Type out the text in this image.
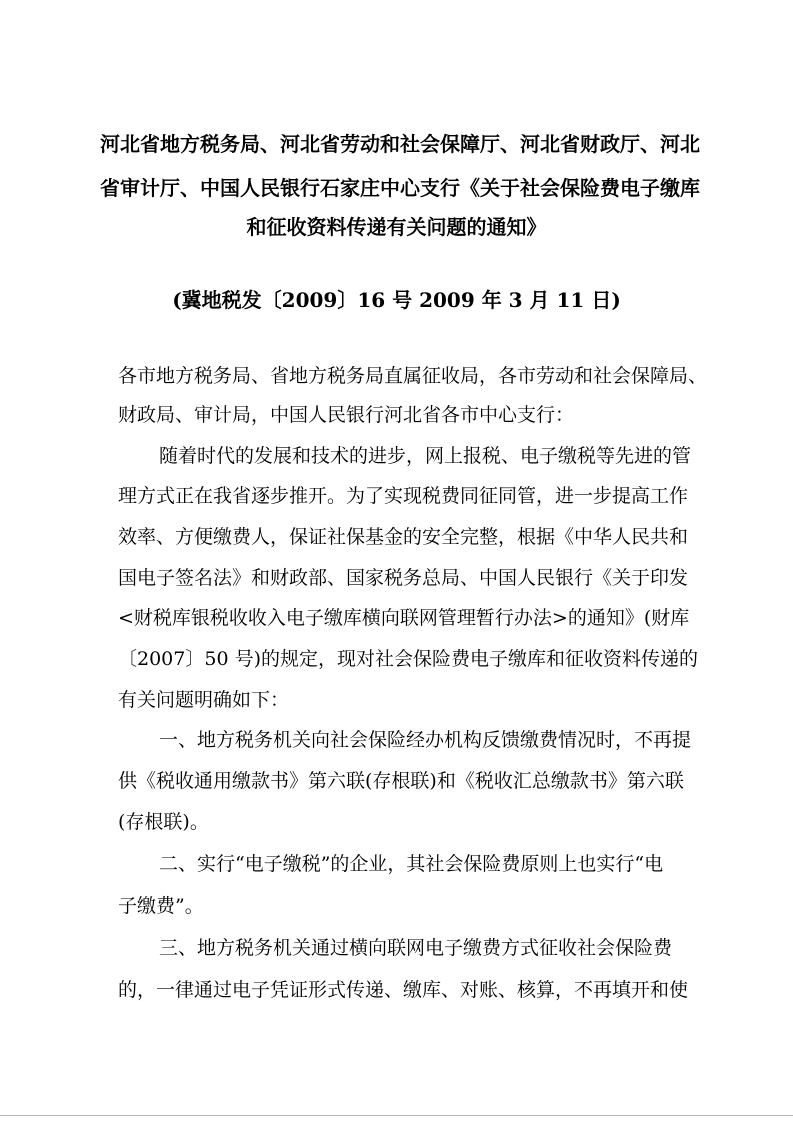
河北省地方税务局、河北省劳动和社会保障厅、河北省财政厅、河北
省审计厅、中国人民银行石家庄中心支行《关于社会保险费电子缴库
和征收资料传递有关问题的通知》
(冀地税发〔2009〕16 号 2009 年 3 月 11 日)
各市地方税务局、省地方税务局直属征收局，各市劳动和社会保障局、
财政局、审计局，中国人民银行河北省各市中心支行：
随着时代的发展和技术的进步，网上报税、电子缴税等先进的管
理方式正在我省逐步推开。为了实现税费同征同管，进一步提高工作
效率、方便缴费人，保证社保基金的安全完整，根据《中华人民共和
国电子签名法》和财政部、国家税务总局、中国人民银行《关于印发
<财税库银税收收入电子缴库横向联网管理暂行办法>的通知》(财库
〔2007〕50 号)的规定，现对社会保险费电子缴库和征收资料传递的
有关问题明确如下：
一、地方税务机关向社会保险经办机构反馈缴费情况时，不再提
供《税收通用缴款书》第六联(存根联)和《税收汇总缴款书》第六联
(存根联)。
二、实行“电子缴税”的企业，其社会保险费原则上也实行“电
子缴费”。
三、地方税务机关通过横向联网电子缴费方式征收社会保险费
的，一律通过电子凭证形式传递、缴库、对账、核算，不再填开和使
